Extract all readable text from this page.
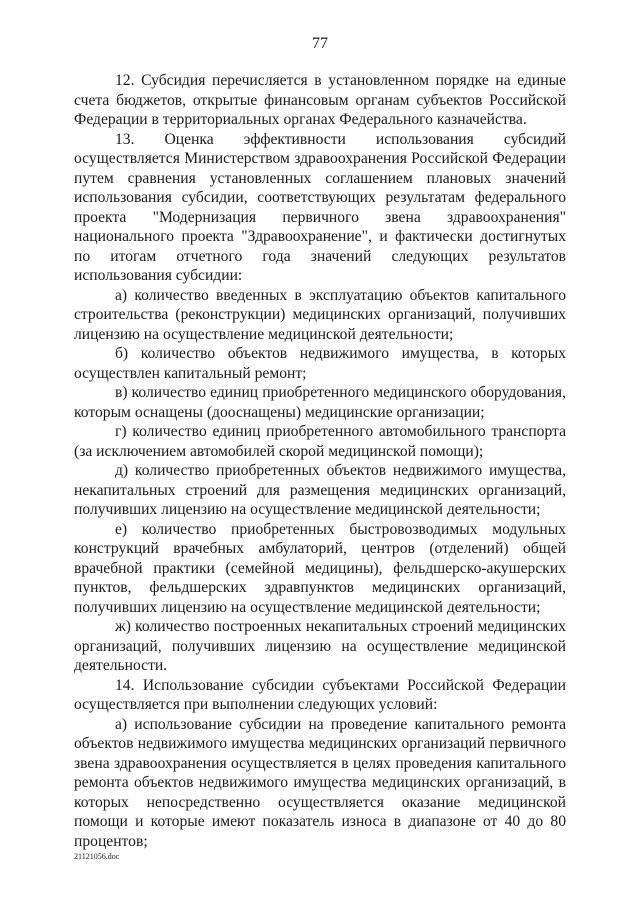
77

12. Субсидия перечисляется в установленном порядке на единые счета бюджетов, открытые финансовым органам субъектов Российской Федерации в территориальных органах Федерального казначейства.

13. Оценка эффективности использования субсидий осуществляется Министерством здравоохранения Российской Федерации путем сравнения установленных соглашением плановых значений использования субсидии, соответствующих результатам федерального проекта "Модернизация первичного звена здравоохранения" национального проекта "Здравоохранение", и фактически достигнутых по итогам отчетного года значений следующих результатов использования субсидии:

а) количество введенных в эксплуатацию объектов капитального строительства (реконструкции) медицинских организаций, получивших лицензию на осуществление медицинской деятельности;

б) количество объектов недвижимого имущества, в которых осуществлен капитальный ремонт;

в) количество единиц приобретенного медицинского оборудования, которым оснащены (дооснащены) медицинские организации;

г) количество единиц приобретенного автомобильного транспорта (за исключением автомобилей скорой медицинской помощи);

д) количество приобретенных объектов недвижимого имущества, некапитальных строений для размещения медицинских организаций, получивших лицензию на осуществление медицинской деятельности;

е) количество приобретенных быстровозводимых модульных конструкций врачебных амбулаторий, центров (отделений) общей врачебной практики (семейной медицины), фельдшерско-акушерских пунктов, фельдшерских здравпунктов медицинских организаций, получивших лицензию на осуществление медицинской деятельности;

ж) количество построенных некапитальных строений медицинских организаций, получивших лицензию на осуществление медицинской деятельности.

14. Использование субсидии субъектами Российской Федерации осуществляется при выполнении следующих условий:

а) использование субсидии на проведение капитального ремонта объектов недвижимого имущества медицинских организаций первичного звена здравоохранения осуществляется в целях проведения капитального ремонта объектов недвижимого имущества медицинских организаций, в которых непосредственно осуществляется оказание медицинской помощи и которые имеют показатель износа в диапазоне от 40 до 80 процентов;

21121056.doc
